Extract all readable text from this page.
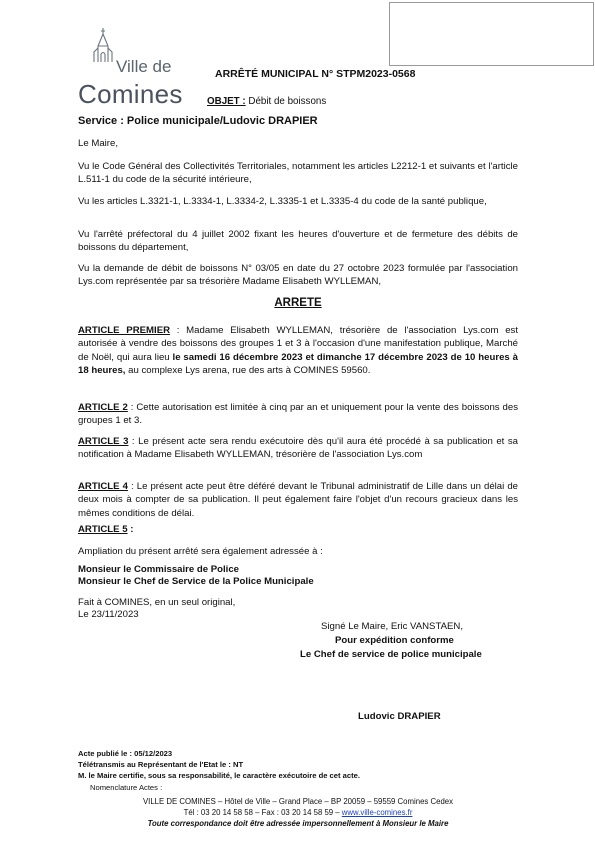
Ville de
Comines
ARRÊTÉ MUNICIPAL N° STPM2023-0568
OBJET : Débit de boissons
Service : Police municipale/Ludovic DRAPIER
Le Maire,
Vu le Code Général des Collectivités Territoriales, notamment les articles L2212-1 et suivants et l'article L.511-1 du code de la sécurité intérieure,
Vu les articles L.3321-1, L.3334-1, L.3334-2, L.3335-1 et L.3335-4 du code de la santé publique,
Vu l'arrêté préfectoral du 4 juillet 2002 fixant les heures d'ouverture et de fermeture des débits de boissons du département,
Vu la demande de débit de boissons N° 03/05 en date du 27 octobre 2023 formulée par l'association Lys.com représentée par sa trésorière Madame Elisabeth WYLLEMAN,
ARRETE
ARTICLE PREMIER : Madame Elisabeth WYLLEMAN, trésorière de l'association Lys.com est autorisée à vendre des boissons des groupes 1 et 3 à l'occasion d'une manifestation publique, Marché de Noël, qui aura lieu le samedi 16 décembre 2023 et dimanche 17 décembre 2023 de 10 heures à 18 heures, au complexe Lys arena, rue des arts à COMINES 59560.
ARTICLE 2 : Cette autorisation est limitée à cinq par an et uniquement pour la vente des boissons des groupes 1 et 3.
ARTICLE 3 : Le présent acte sera rendu exécutoire dès qu'il aura été procédé à sa publication et sa notification à Madame Elisabeth WYLLEMAN, trésorière de l'association Lys.com
ARTICLE 4 : Le présent acte peut être déféré devant le Tribunal administratif de Lille dans un délai de deux mois à compter de sa publication. Il peut également faire l'objet d'un recours gracieux dans les mêmes conditions de délai.
ARTICLE 5 :
Ampliation du présent arrêté sera également adressée à :
Monsieur le Commissaire de Police
Monsieur le Chef de Service de la Police Municipale
Fait à COMINES, en un seul original,
Le 23/11/2023
Signé Le Maire, Eric VANSTAEN,
Pour expédition conforme
Le Chef de service de police municipale
Ludovic DRAPIER
Acte publié le : 05/12/2023
Télétransmis au Représentant de l'Etat le : NT
M. le Maire certifie, sous sa responsabilité, le caractère exécutoire de cet acte.
Nomenclature Actes :
VILLE DE COMINES – Hôtel de Ville – Grand Place – BP 20059 – 59559 Comines Cedex
Tél : 03 20 14 58 58 – Fax : 03 20 14 58 59 – www.ville-comines.fr
Toute correspondance doit être adressée impersonnellement à Monsieur le Maire
